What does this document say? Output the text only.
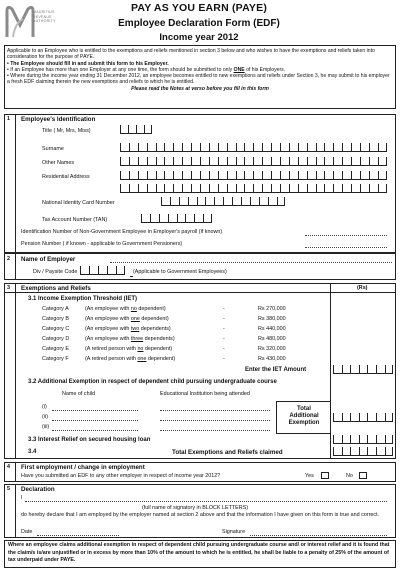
MAURITIUS
REVENUE
AUTHORITY
PAY AS YOU EARN (PAYE)
Employee Declaration Form (EDF)
Income year 2012

Applicable to an Employee who is entitled to the exemptions and reliefs mentioned in section 3 below and who wishes to have the exemptions and reliefs taken into consideration for the purpose of PAYE.

• The Employee should fill in and submit this form to his Employer.

• If an Employee has more than one Employer at any one time, the form should be submitted to only ONE of his Employers.

• Where during the income year ending 31 December 2012, an employee becomes entitled to new exemptions and reliefs under Section 3, he may submit to his employer a fresh EDF claiming therein the new exemptions and reliefs to which he is entitled.

Please read the Notes at verso before you fill in this form

1 Employee's Identification
Title ( Mr, Mrs, Miss)
Surname
Other Names
Residential Address
National Identity Card Number
Tax Account Number (TAN)
Identification Number of Non-Government Employee in Employer's payroll (if known)
Pension Number ( if known - applicable to Government Pensioners)
2 Name of Employer
Div / Paysite Code	(Applicable to Government Employees)
3 Exemptions and Reliefs	(Rs)
3.1 Income Exemption Threshold (IET)
Category A	(An employee with no dependent)	-	Rs 270,000
Category B	(An employee with one dependent)	-	Rs 380,000
Category C	(An employee with two dependents)	-	Rs 440,000
Category D	(An employee with three dependents)	-	Rs 480,000
Category E	(A retired person with no dependent)	-	Rs 320,000
Category F	(A retired person with one dependent)	-	Rs 430,000
Enter the IET Amount
3.2 Additional Exemption in respect of dependent child pursuing undergraduate course
Name of child	Educational Institution being attended
(i)
(ii)
(iii)
Total
Additional
Exemption
3.3 Interest Relief on secured housing loan
3.4	Total Exemptions and Reliefs claimed
4 First employment / change in employment
Have you submitted an EDF to any other employer in respect of income year 2012?	Yes	No
5 Declaration
I
(full name of signatory in BLOCK LETTERS)
do hereby declare that I am employed by the employer named at section 2 above and that the information I have given on this form is true and correct.
Date	Signature
Where an employee claims additional exemption in respect of dependent child pursuing undergraduate course and/ or interest relief and it is found that the claim/s is/are unjustified or in excess by more than 10% of the amount to which he is entitled, he shall be liable to a penalty of 25% of the amount of tax underpaid under PAYE.
